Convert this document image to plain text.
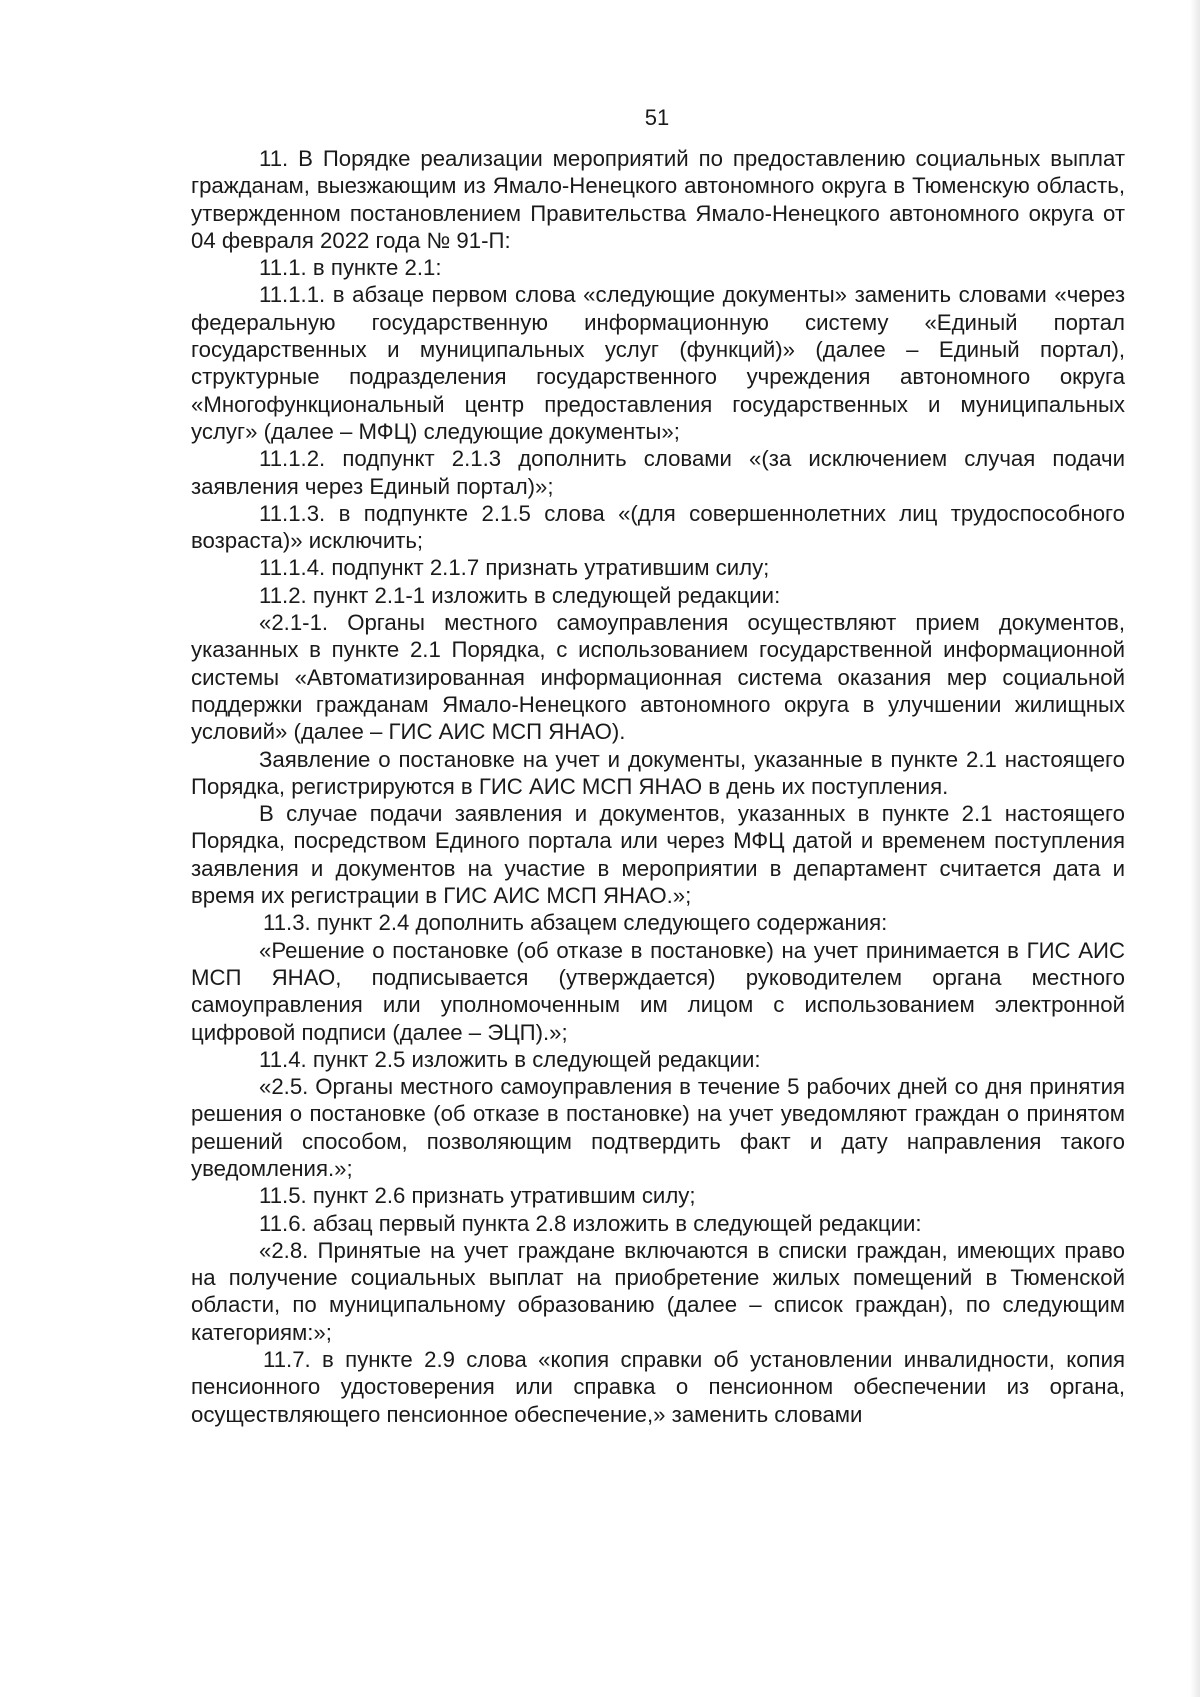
51

11. В Порядке реализации мероприятий по предоставлению социальных выплат гражданам, выезжающим из Ямало-Ненецкого автономного округа в Тюменскую область, утвержденном постановлением Правительства Ямало-Ненецкого автономного округа от 04 февраля 2022 года № 91-П:

11.1. в пункте 2.1:

11.1.1. в абзаце первом слова «следующие документы» заменить словами «через федеральную государственную информационную систему «Единый портал государственных и муниципальных услуг (функций)» (далее – Единый портал), структурные подразделения государственного учреждения автономного округа «Многофункциональный центр предоставления государственных и муниципальных услуг» (далее – МФЦ) следующие документы»;

11.1.2. подпункт 2.1.3 дополнить словами «(за исключением случая подачи заявления через Единый портал)»;

11.1.3. в подпункте 2.1.5 слова «(для совершеннолетних лиц трудоспособного возраста)» исключить;

11.1.4. подпункт 2.1.7 признать утратившим силу;

11.2. пункт 2.1-1 изложить в следующей редакции:

«2.1-1. Органы местного самоуправления осуществляют прием документов, указанных в пункте 2.1 Порядка, с использованием государственной информационной системы «Автоматизированная информационная система оказания мер социальной поддержки гражданам Ямало-Ненецкого автономного округа в улучшении жилищных условий» (далее – ГИС АИС МСП ЯНАО).

Заявление о постановке на учет и документы, указанные в пункте 2.1 настоящего Порядка, регистрируются в ГИС АИС МСП ЯНАО в день их поступления.

В случае подачи заявления и документов, указанных в пункте 2.1 настоящего Порядка, посредством Единого портала или через МФЦ датой и временем поступления заявления и документов на участие в мероприятии в департамент считается дата и время их регистрации в ГИС АИС МСП ЯНАО.»;

11.3. пункт 2.4 дополнить абзацем следующего содержания:

«Решение о постановке (об отказе в постановке) на учет принимается в ГИС АИС МСП ЯНАО, подписывается (утверждается) руководителем органа местного самоуправления или уполномоченным им лицом с использованием электронной цифровой подписи (далее – ЭЦП).»;

11.4. пункт 2.5 изложить в следующей редакции:

«2.5. Органы местного самоуправления в течение 5 рабочих дней со дня принятия решения о постановке (об отказе в постановке) на учет уведомляют граждан о принятом решений способом, позволяющим подтвердить факт и дату направления такого уведомления.»;

11.5. пункт 2.6 признать утратившим силу;

11.6. абзац первый пункта 2.8 изложить в следующей редакции:

«2.8. Принятые на учет граждане включаются в списки граждан, имеющих право на получение социальных выплат на приобретение жилых помещений в Тюменской области, по муниципальному образованию (далее – список граждан), по следующим категориям:»;

11.7. в пункте 2.9 слова «копия справки об установлении инвалидности, копия пенсионного удостоверения или справка о пенсионном обеспечении из органа, осуществляющего пенсионное обеспечение,» заменить словами
